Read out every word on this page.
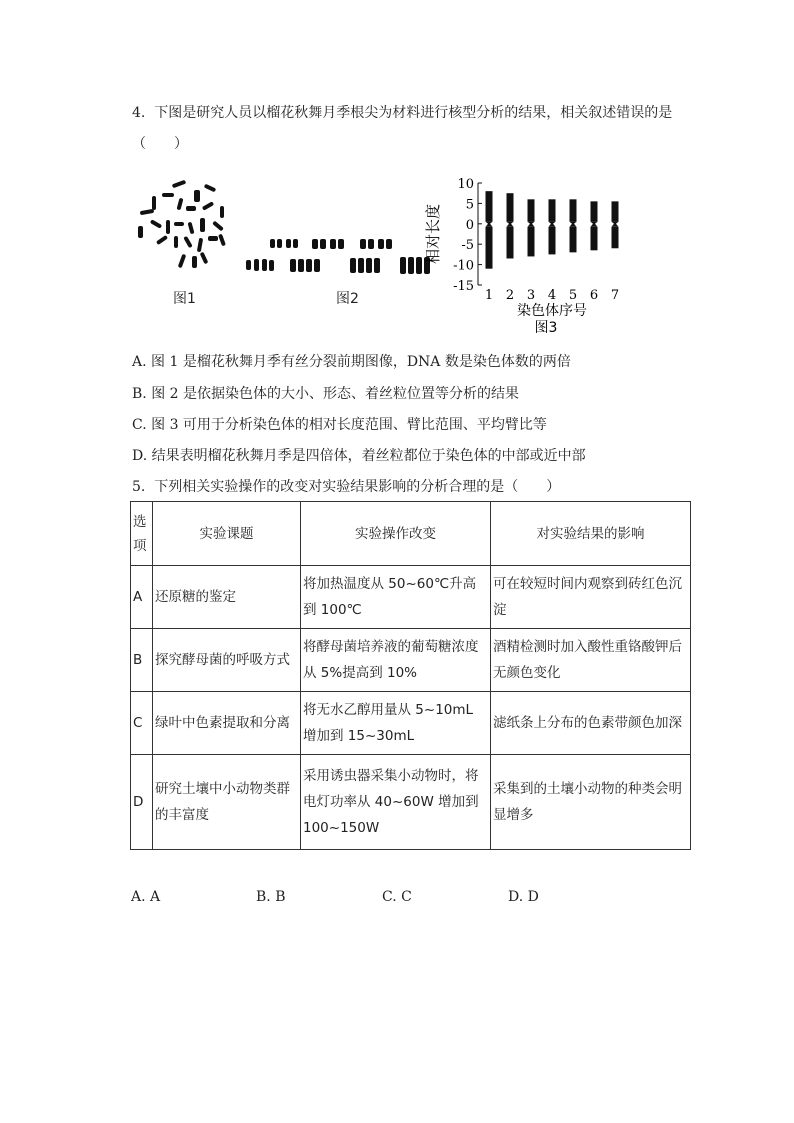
4. 下图是研究人员以榴花秋舞月季根尖为材料进行核型分析的结果，相关叙述错误的是
（　　）
图1	图2
10
5
0
-5
-10
-15
1 2 3 4 5 6 7
相对长度
染色体序号
图3
A. 图 1 是榴花秋舞月季有丝分裂前期图像，DNA 数是染色体数的两倍
B. 图 2 是依据染色体的大小、形态、着丝粒位置等分析的结果
C. 图 3 可用于分析染色体的相对长度范围、臂比范围、平均臂比等
D. 结果表明榴花秋舞月季是四倍体，着丝粒都位于染色体的中部或近中部
5. 下列相关实验操作的改变对实验结果影响的分析合理的是（　　）
选项	实验课题	实验操作改变	对实验结果的影响
A	还原糖的鉴定	将加热温度从 50~60℃升高到 100℃	可在较短时间内观察到砖红色沉淀
B	探究酵母菌的呼吸方式	将酵母菌培养液的葡萄糖浓度从 5%提高到 10%	酒精检测时加入酸性重铬酸钾后无颜色变化
C	绿叶中色素提取和分离	将无水乙醇用量从 5~10mL 增加到 15~30mL	滤纸条上分布的色素带颜色加深
D	研究土壤中小动物类群的丰富度	采用诱虫器采集小动物时，将电灯功率从 40~60W 增加到 100~150W	采集到的土壤小动物的种类会明显增多
A. A	B. B	C. C	D. D
